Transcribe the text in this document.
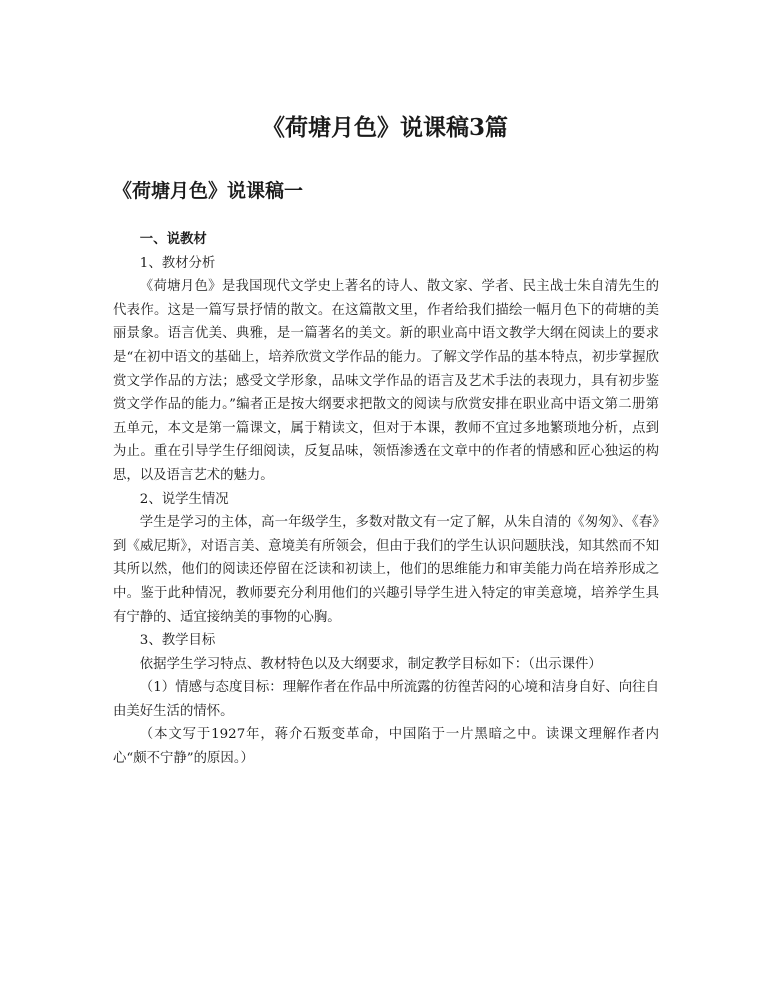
《荷塘月色》说课稿3篇
《荷塘月色》说课稿一

一、说教材

1、教材分析

《荷塘月色》是我国现代文学史上著名的诗人、散文家、学者、民主战士朱自清先生的代表作。这是一篇写景抒情的散文。在这篇散文里，作者给我们描绘一幅月色下的荷塘的美丽景象。语言优美、典雅，是一篇著名的美文。新的职业高中语文教学大纲在阅读上的要求是“在初中语文的基础上，培养欣赏文学作品的能力。了解文学作品的基本特点，初步掌握欣赏文学作品的方法；感受文学形象，品味文学作品的语言及艺术手法的表现力，具有初步鉴赏文学作品的能力。”编者正是按大纲要求把散文的阅读与欣赏安排在职业高中语文第二册第五单元，本文是第一篇课文，属于精读文，但对于本课，教师不宜过多地繁琐地分析，点到为止。重在引导学生仔细阅读，反复品味，领悟渗透在文章中的作者的情感和匠心独运的构思，以及语言艺术的魅力。

2、说学生情况

学生是学习的主体，高一年级学生，多数对散文有一定了解，从朱自清的《匆匆》、《春》到《威尼斯》，对语言美、意境美有所领会，但由于我们的学生认识问题肤浅，知其然而不知其所以然，他们的阅读还停留在泛读和初读上，他们的思维能力和审美能力尚在培养形成之中。鉴于此种情况，教师要充分利用他们的兴趣引导学生进入特定的审美意境，培养学生具有宁静的、适宜接纳美的事物的心胸。

3、教学目标

依据学生学习特点、教材特色以及大纲要求，制定教学目标如下：（出示课件）

（1）情感与态度目标：理解作者在作品中所流露的彷徨苦闷的心境和洁身自好、向往自由美好生活的情怀。

（本文写于1927年，蒋介石叛变革命，中国陷于一片黑暗之中。读课文理解作者内心“颇不宁静”的原因。）
